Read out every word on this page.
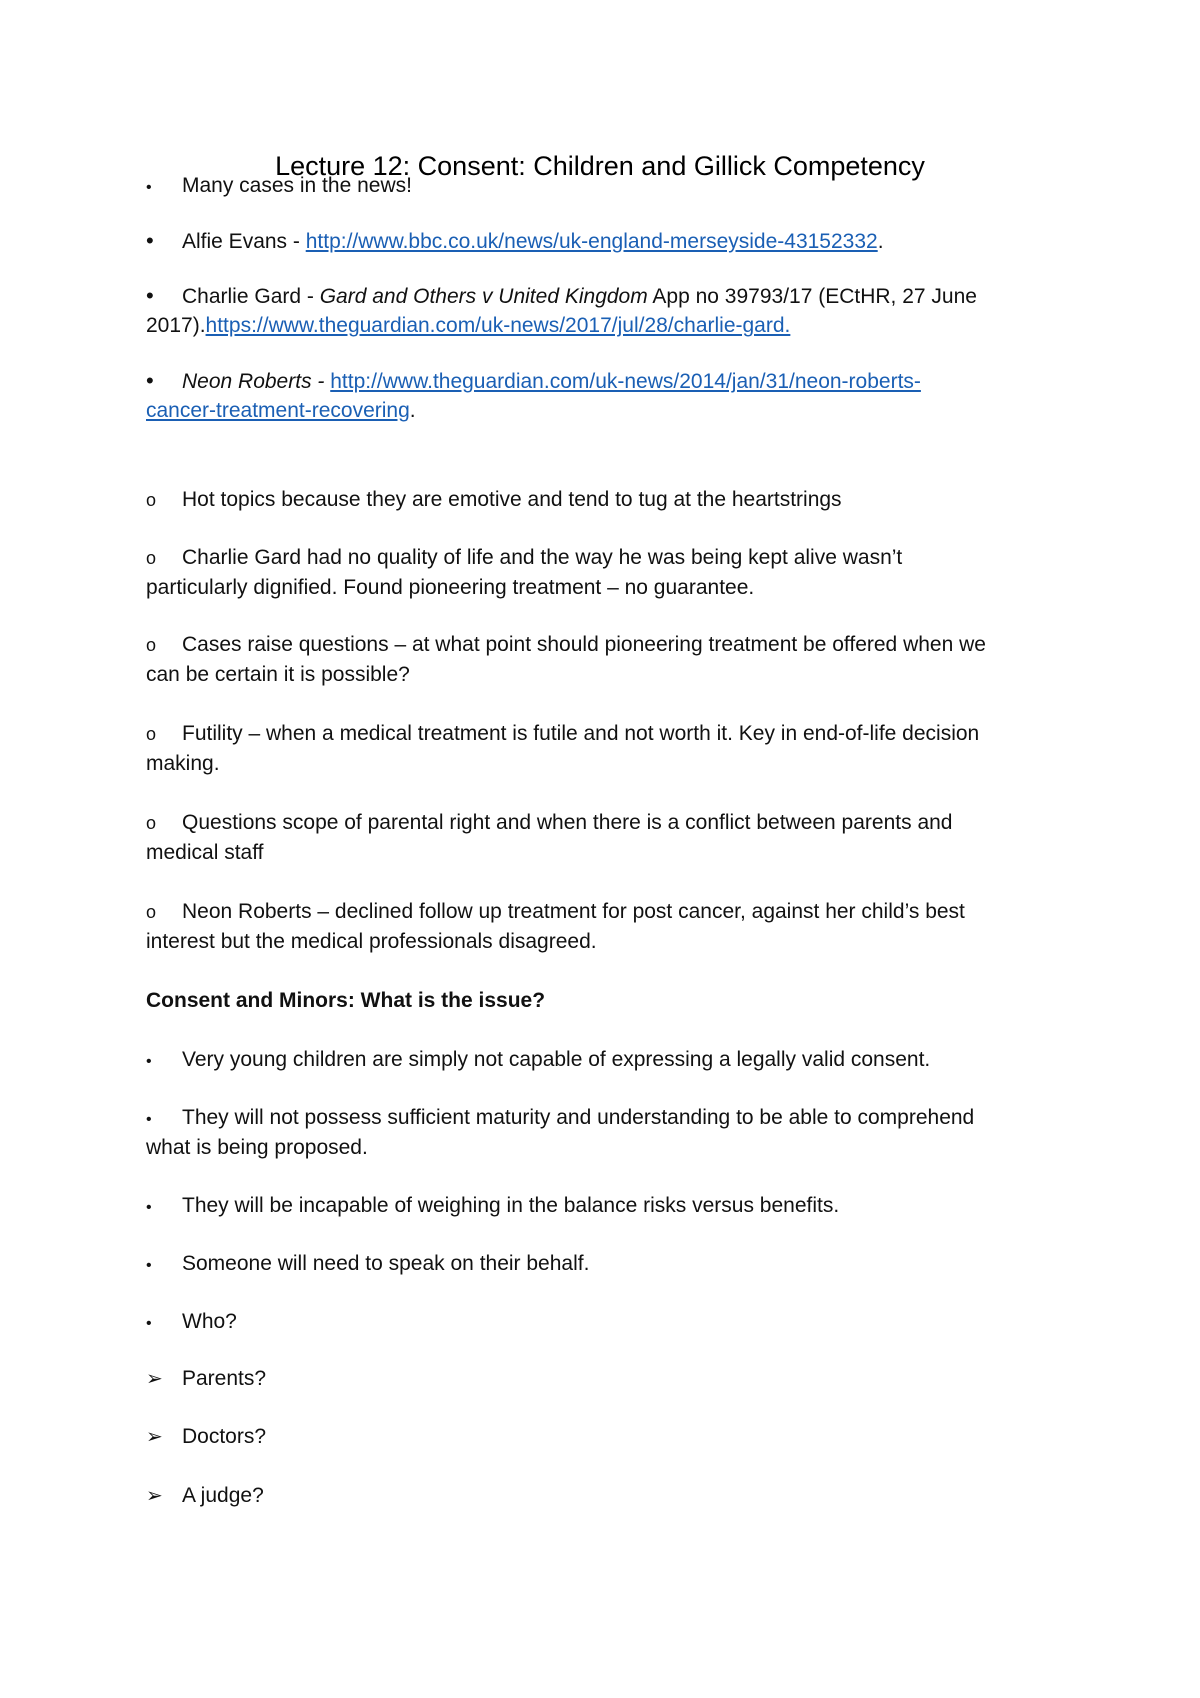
Lecture 12: Consent: Children and Gillick Competency
• Many cases in the news!
• Alfie Evans - http://www.bbc.co.uk/news/uk-england-merseyside-43152332.
• Charlie Gard - Gard and Others v United Kingdom App no 39793/17 (ECtHR, 27 June
2017).https://www.theguardian.com/uk-news/2017/jul/28/charlie-gard.
• Neon Roberts - http://www.theguardian.com/uk-news/2014/jan/31/neon-roberts-
cancer-treatment-recovering.
o Hot topics because they are emotive and tend to tug at the heartstrings
o Charlie Gard had no quality of life and the way he was being kept alive wasn’t
particularly dignified. Found pioneering treatment – no guarantee.
o Cases raise questions – at what point should pioneering treatment be offered when we
can be certain it is possible?
o Futility – when a medical treatment is futile and not worth it. Key in end-of-life decision
making.
o Questions scope of parental right and when there is a conflict between parents and
medical staff
o Neon Roberts – declined follow up treatment for post cancer, against her child’s best
interest but the medical professionals disagreed.
Consent and Minors: What is the issue?
• Very young children are simply not capable of expressing a legally valid consent.
• They will not possess sufficient maturity and understanding to be able to comprehend
what is being proposed.
• They will be incapable of weighing in the balance risks versus benefits.
• Someone will need to speak on their behalf.
• Who?
➢ Parents?
➢ Doctors?
➢ A judge?
